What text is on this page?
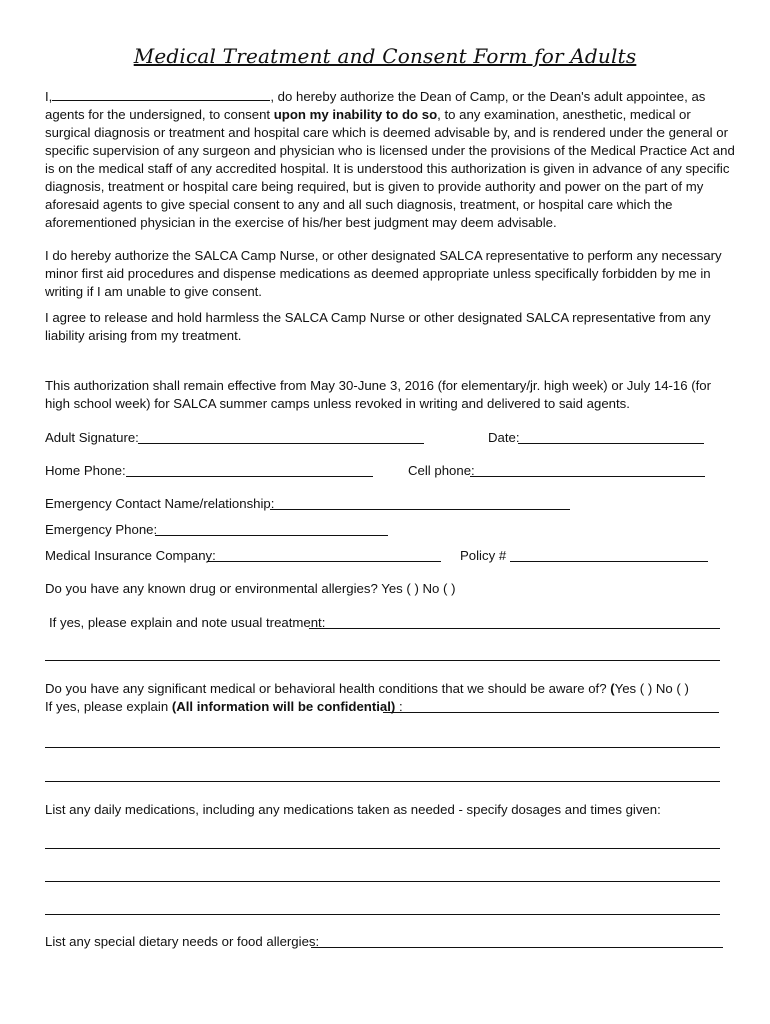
Medical Treatment and Consent Form for Adults
I,	, do hereby authorize the Dean of Camp, or the Dean's adult appointee, as agents for the undersigned, to consent upon my inability to do so, to any examination, anesthetic, medical or surgical diagnosis or treatment and hospital care which is deemed advisable by, and is rendered under the general or specific supervision of any surgeon and physician who is licensed under the provisions of the Medical Practice Act and is on the medical staff of any accredited hospital. It is understood this authorization is given in advance of any specific diagnosis, treatment or hospital care being required, but is given to provide authority and power on the part of my aforesaid agents to give special consent to any and all such diagnosis, treatment, or hospital care which the aforementioned physician in the exercise of his/her best judgment may deem advisable.
I do hereby authorize the SALCA Camp Nurse, or other designated SALCA representative to perform any necessary minor first aid procedures and dispense medications as deemed appropriate unless specifically forbidden by me in writing if I am unable to give consent.
I agree to release and hold harmless the SALCA Camp Nurse or other designated SALCA representative from any liability arising from my treatment.
This authorization shall remain effective from May 30-June 3, 2016 (for elementary/jr. high week) or July 14-16 (for high school week) for SALCA summer camps unless revoked in writing and delivered to said agents.
Adult Signature:	Date:
Home Phone:	Cell phone:
Emergency Contact Name/relationship:
Emergency Phone:
Medical Insurance Company:	Policy #
Do you have any known drug or environmental allergies? Yes ( ) No ( )
If yes, please explain and note usual treatment:
Do you have any significant medical or behavioral health conditions that we should be aware of? (Yes ( ) No ( )
If yes, please explain (All information will be confidential) :
List any daily medications, including any medications taken as needed - specify dosages and times given:
List any special dietary needs or food allergies:
